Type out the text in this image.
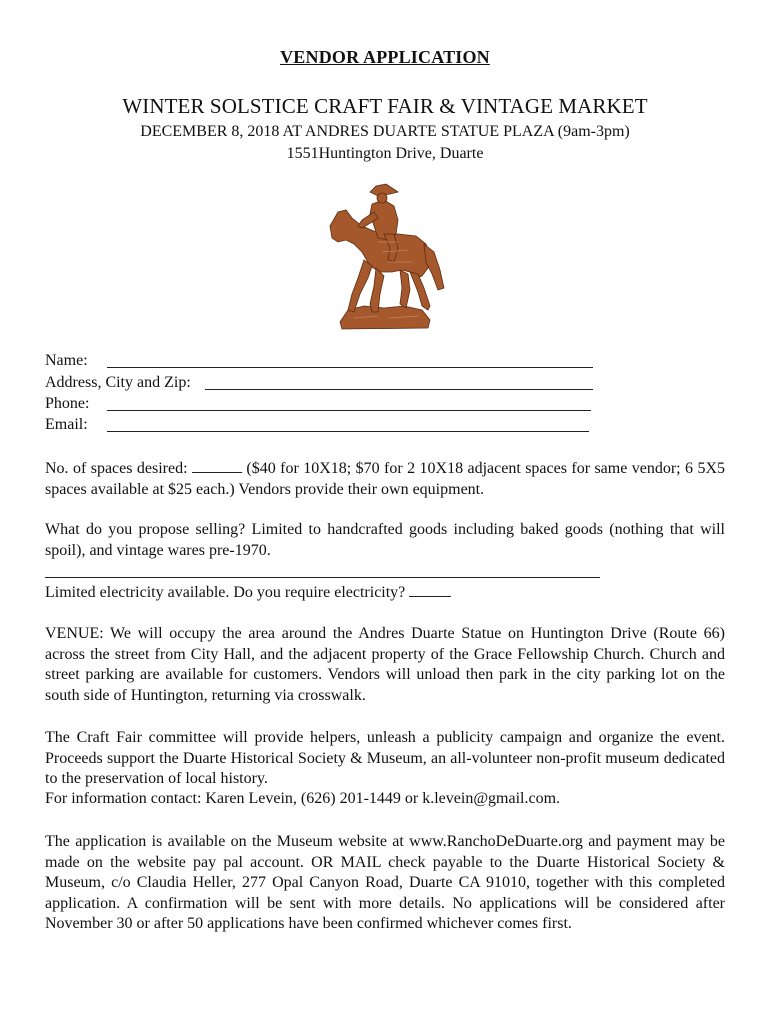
VENDOR APPLICATION
WINTER SOLSTICE CRAFT FAIR & VINTAGE MARKET
DECEMBER 8, 2018 AT ANDRES DUARTE STATUE PLAZA (9am-3pm)
1551Huntington Drive, Duarte
Name:
Address, City and Zip:
Phone:
Email:

No. of spaces desired:	($40 for 10X18; $70 for 2 10X18 adjacent spaces for same vendor; 6 5X5 spaces available at $25 each.) Vendors provide their own equipment.

What do you propose selling? Limited to handcrafted goods including baked goods (nothing that will spoil), and vintage wares pre-1970.

Limited electricity available. Do you require electricity?

VENUE: We will occupy the area around the Andres Duarte Statue on Huntington Drive (Route 66) across the street from City Hall, and the adjacent property of the Grace Fellowship Church. Church and street parking are available for customers. Vendors will unload then park in the city parking lot on the south side of Huntington, returning via crosswalk.

The Craft Fair committee will provide helpers, unleash a publicity campaign and organize the event. Proceeds support the Duarte Historical Society & Museum, an all-volunteer non-profit museum dedicated to the preservation of local history.

For information contact: Karen Levein, (626) 201-1449 or k.levein@gmail.com.

The application is available on the Museum website at www.RanchoDeDuarte.org and payment may be made on the website pay pal account. OR MAIL check payable to the Duarte Historical Society & Museum, c/o Claudia Heller, 277 Opal Canyon Road, Duarte CA 91010, together with this completed application. A confirmation will be sent with more details. No applications will be considered after November 30 or after 50 applications have been confirmed whichever comes first.
